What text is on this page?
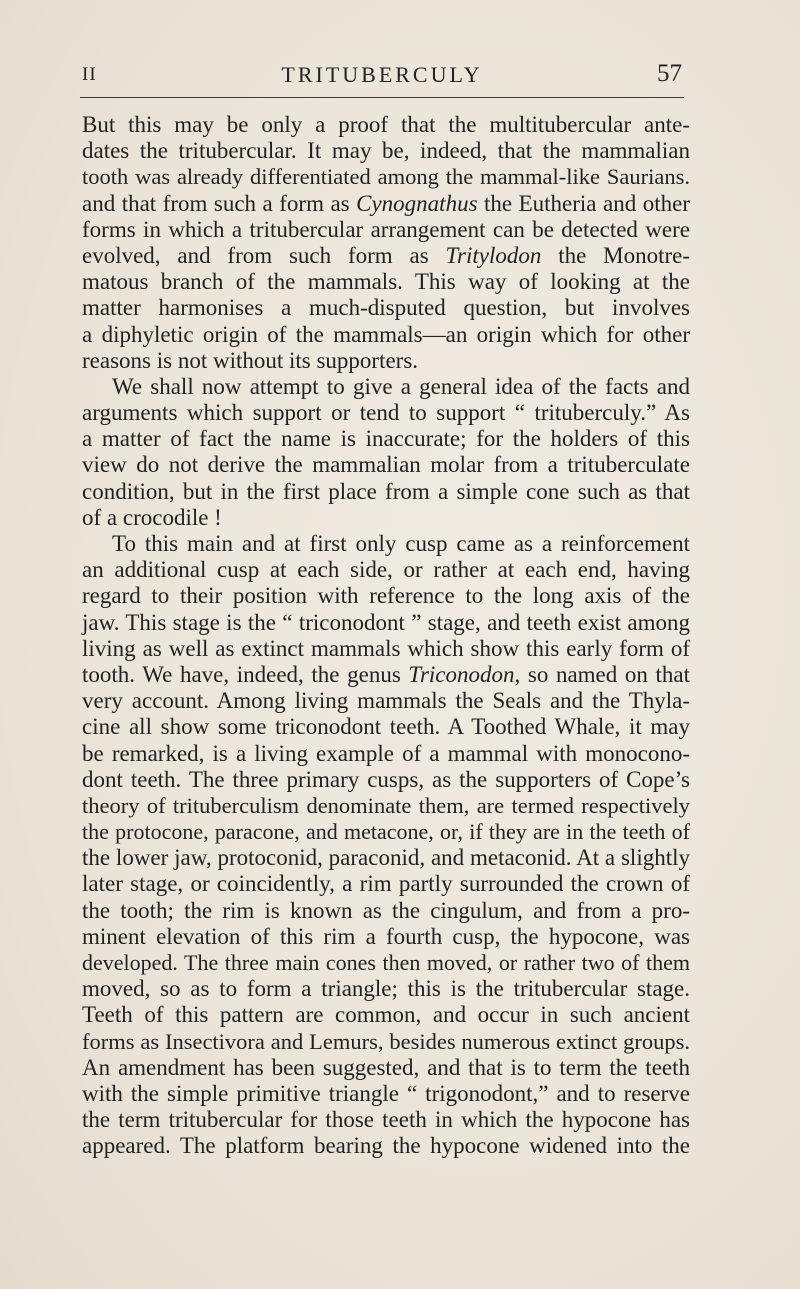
II	TRITUBERCULY	57
But this may be only a proof that the multitubercular ante-
dates the tritubercular. It may be, indeed, that the mammalian
tooth was already differentiated among the mammal-like Saurians.
and that from such a form as Cynognathus the Eutheria and other
forms in which a tritubercular arrangement can be detected were
evolved, and from such form as Tritylodon the Monotre-
matous branch of the mammals. This way of looking at the
matter harmonises a much-disputed question, but involves
a diphyletic origin of the mammals—an origin which for other
reasons is not without its supporters.
We shall now attempt to give a general idea of the facts and
arguments which support or tend to support “ trituberculy.” As
a matter of fact the name is inaccurate; for the holders of this
view do not derive the mammalian molar from a trituberculate
condition, but in the first place from a simple cone such as that
of a crocodile !
To this main and at first only cusp came as a reinforcement
an additional cusp at each side, or rather at each end, having
regard to their position with reference to the long axis of the
jaw. This stage is the “ triconodont ” stage, and teeth exist among
living as well as extinct mammals which show this early form of
tooth. We have, indeed, the genus Triconodon, so named on that
very account. Among living mammals the Seals and the Thyla-
cine all show some triconodont teeth. A Toothed Whale, it may
be remarked, is a living example of a mammal with monocono-
dont teeth. The three primary cusps, as the supporters of Cope’s
theory of trituberculism denominate them, are termed respectively
the protocone, paracone, and metacone, or, if they are in the teeth of
the lower jaw, protoconid, paraconid, and metaconid. At a slightly
later stage, or coincidently, a rim partly surrounded the crown of
the tooth; the rim is known as the cingulum, and from a pro-
minent elevation of this rim a fourth cusp, the hypocone, was
developed. The three main cones then moved, or rather two of them
moved, so as to form a triangle; this is the tritubercular stage.
Teeth of this pattern are common, and occur in such ancient
forms as Insectivora and Lemurs, besides numerous extinct groups.
An amendment has been suggested, and that is to term the teeth
with the simple primitive triangle “ trigonodont,” and to reserve
the term tritubercular for those teeth in which the hypocone has
appeared. The platform bearing the hypocone widened into the
